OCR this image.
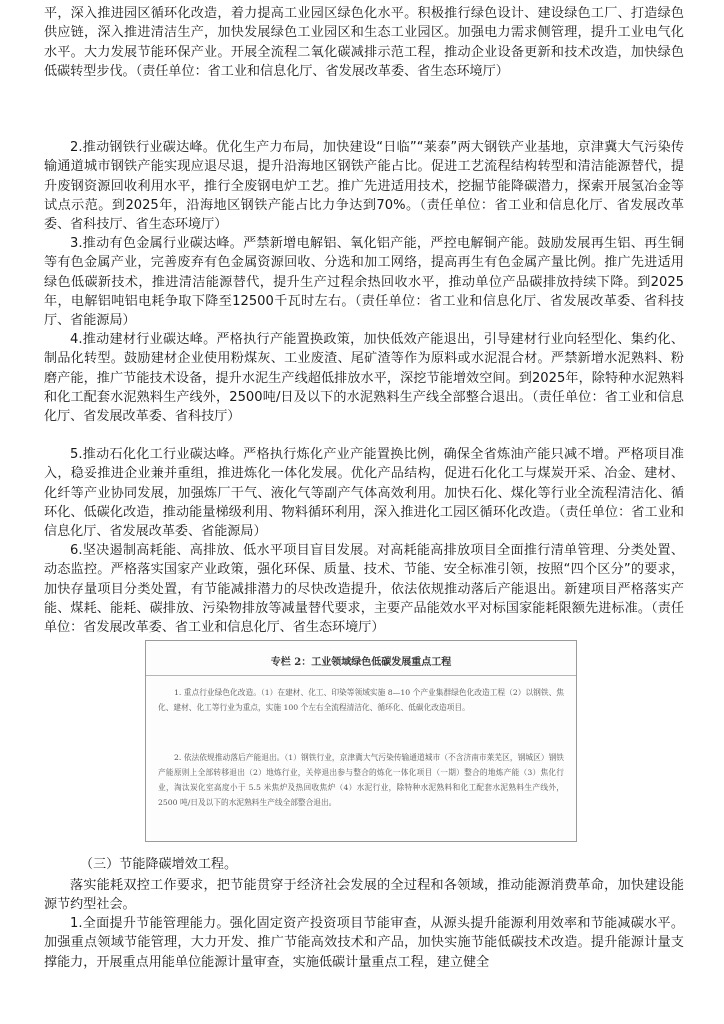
平，深入推进园区循环化改造，着力提高工业园区绿色化水平。积极推行绿色设计、建设绿色工厂、打造绿色供应链，深入推进清洁生产，加快发展绿色工业园区和生态工业园区。加强电力需求侧管理，提升工业电气化水平。大力发展节能环保产业。开展全流程二氧化碳减排示范工程，推动企业设备更新和技术改造，加快绿色低碳转型步伐。（责任单位：省工业和信息化厅、省发展改革委、省生态环境厅）

2.推动钢铁行业碳达峰。优化生产力布局，加快建设“日临”“莱泰”两大钢铁产业基地，京津冀大气污染传输通道城市钢铁产能实现应退尽退，提升沿海地区钢铁产能占比。促进工艺流程结构转型和清洁能源替代，提升废钢资源回收利用水平，推行全废钢电炉工艺。推广先进适用技术，挖掘节能降碳潜力，探索开展氢冶金等试点示范。到2025年，沿海地区钢铁产能占比力争达到70%。（责任单位：省工业和信息化厅、省发展改革委、省科技厅、省生态环境厅）

3.推动有色金属行业碳达峰。严禁新增电解铝、氧化铝产能，严控电解铜产能。鼓励发展再生铝、再生铜等有色金属产业，完善废弃有色金属资源回收、分选和加工网络，提高再生有色金属产量比例。推广先进适用绿色低碳新技术，推进清洁能源替代，提升生产过程余热回收水平，推动单位产品碳排放持续下降。到2025年，电解铝吨铝电耗争取下降至12500千瓦时左右。（责任单位：省工业和信息化厅、省发展改革委、省科技厅、省能源局）

4.推动建材行业碳达峰。严格执行产能置换政策，加快低效产能退出，引导建材行业向轻型化、集约化、制品化转型。鼓励建材企业使用粉煤灰、工业废渣、尾矿渣等作为原料或水泥混合材。严禁新增水泥熟料、粉磨产能，推广节能技术设备，提升水泥生产线超低排放水平，深挖节能增效空间。到2025年，除特种水泥熟料和化工配套水泥熟料生产线外，2500吨/日及以下的水泥熟料生产线全部整合退出。（责任单位：省工业和信息化厅、省发展改革委、省科技厅）

5.推动石化化工行业碳达峰。严格执行炼化产业产能置换比例，确保全省炼油产能只减不增。严格项目准入，稳妥推进企业兼并重组，推进炼化一体化发展。优化产品结构，促进石化化工与煤炭开采、冶金、建材、化纤等产业协同发展，加强炼厂干气、液化气等副产气体高效利用。加快石化、煤化等行业全流程清洁化、循环化、低碳化改造，推动能量梯级利用、物料循环利用，深入推进化工园区循环化改造。（责任单位：省工业和信息化厅、省发展改革委、省能源局）

6.坚决遏制高耗能、高排放、低水平项目盲目发展。对高耗能高排放项目全面推行清单管理、分类处置、动态监控。严格落实国家产业政策，强化环保、质量、技术、节能、安全标准引领，按照“四个区分”的要求，加快存量项目分类处置，有节能减排潜力的尽快改造提升，依法依规推动落后产能退出。新建项目严格落实产能、煤耗、能耗、碳排放、污染物排放等减量替代要求，主要产品能效水平对标国家能耗限额先进标准。（责任单位：省发展改革委、省工业和信息化厅、省生态环境厅）

专栏 2：工业领域绿色低碳发展重点工程

1. 重点行业绿色化改造。（1）在建材、化工、印染等领域实施 8—10 个产业集群绿色化改造工程（2）以钢铁、焦化、建材、化工等行业为重点，实施 100 个左右全流程清洁化、循环化、低碳化改造项目。

2. 依法依规推动落后产能退出。（1）钢铁行业，京津冀大气污染传输通道城市（不含济南市莱芜区，钢城区）钢铁产能原则上全部转移退出（2）地炼行业，关停退出参与整合的炼化一体化项目（一期）整合的地炼产能（3）焦化行业，淘汰炭化室高度小于 5.5 米焦炉及热回收焦炉（4）水泥行业，除特种水泥熟料和化工配套水泥熟料生产线外，2500 吨/日及以下的水泥熟料生产线全部整合退出。

（三）节能降碳增效工程。

落实能耗双控工作要求，把节能贯穿于经济社会发展的全过程和各领域，推动能源消费革命，加快建设能源节约型社会。

1.全面提升节能管理能力。强化固定资产投资项目节能审查，从源头提升能源利用效率和节能减碳水平。加强重点领域节能管理，大力开发、推广节能高效技术和产品，加快实施节能低碳技术改造。提升能源计量支撑能力，开展重点用能单位能源计量审查，实施低碳计量重点工程，建立健全
